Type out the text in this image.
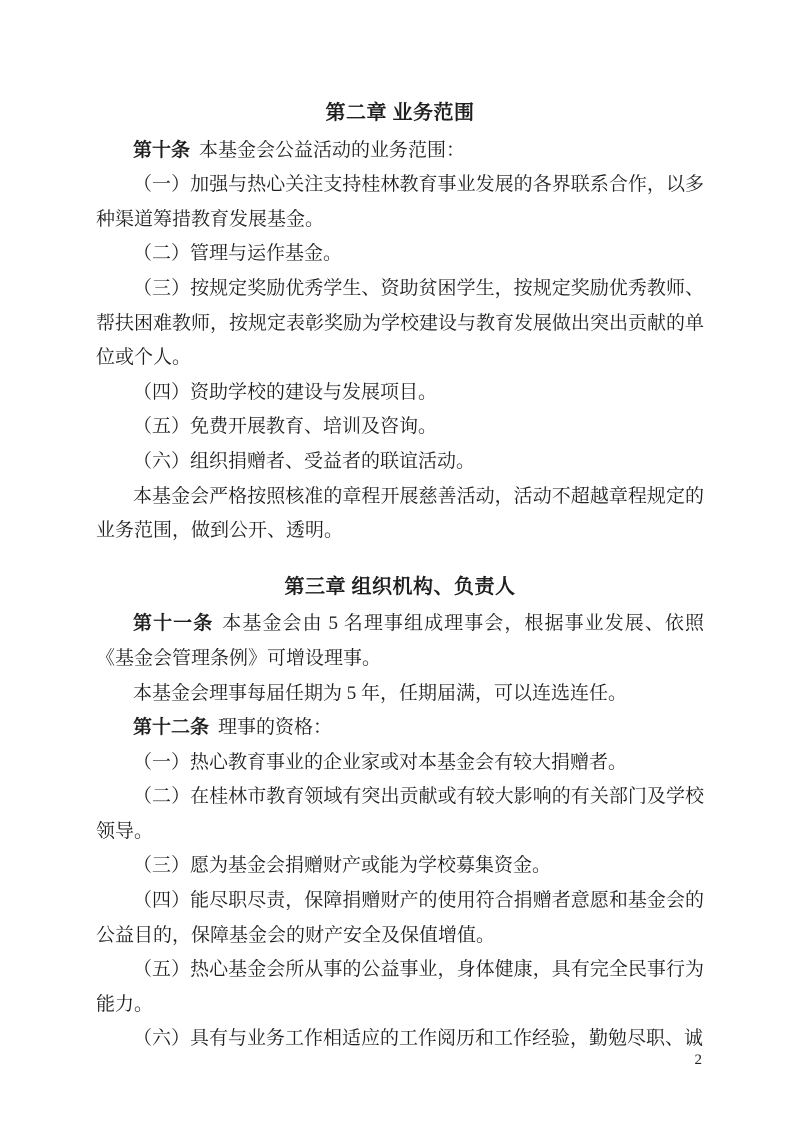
第二章 业务范围

第十条 本基金会公益活动的业务范围：

（一）加强与热心关注支持桂林教育事业发展的各界联系合作，以多种渠道筹措教育发展基金。

（二）管理与运作基金。

（三）按规定奖励优秀学生、资助贫困学生，按规定奖励优秀教师、帮扶困难教师，按规定表彰奖励为学校建设与教育发展做出突出贡献的单位或个人。

（四）资助学校的建设与发展项目。

（五）免费开展教育、培训及咨询。

（六）组织捐赠者、受益者的联谊活动。

本基金会严格按照核准的章程开展慈善活动，活动不超越章程规定的业务范围，做到公开、透明。

第三章 组织机构、负责人

第十一条 本基金会由 5 名理事组成理事会，根据事业发展、依照《基金会管理条例》可增设理事。

本基金会理事每届任期为 5 年，任期届满，可以连选连任。

第十二条 理事的资格：

（一）热心教育事业的企业家或对本基金会有较大捐赠者。

（二）在桂林市教育领域有突出贡献或有较大影响的有关部门及学校领导。

（三）愿为基金会捐赠财产或能为学校募集资金。

（四）能尽职尽责，保障捐赠财产的使用符合捐赠者意愿和基金会的公益目的，保障基金会的财产安全及保值增值。

（五）热心基金会所从事的公益事业，身体健康，具有完全民事行为能力。

（六）具有与业务工作相适应的工作阅历和工作经验，勤勉尽职、诚

2
